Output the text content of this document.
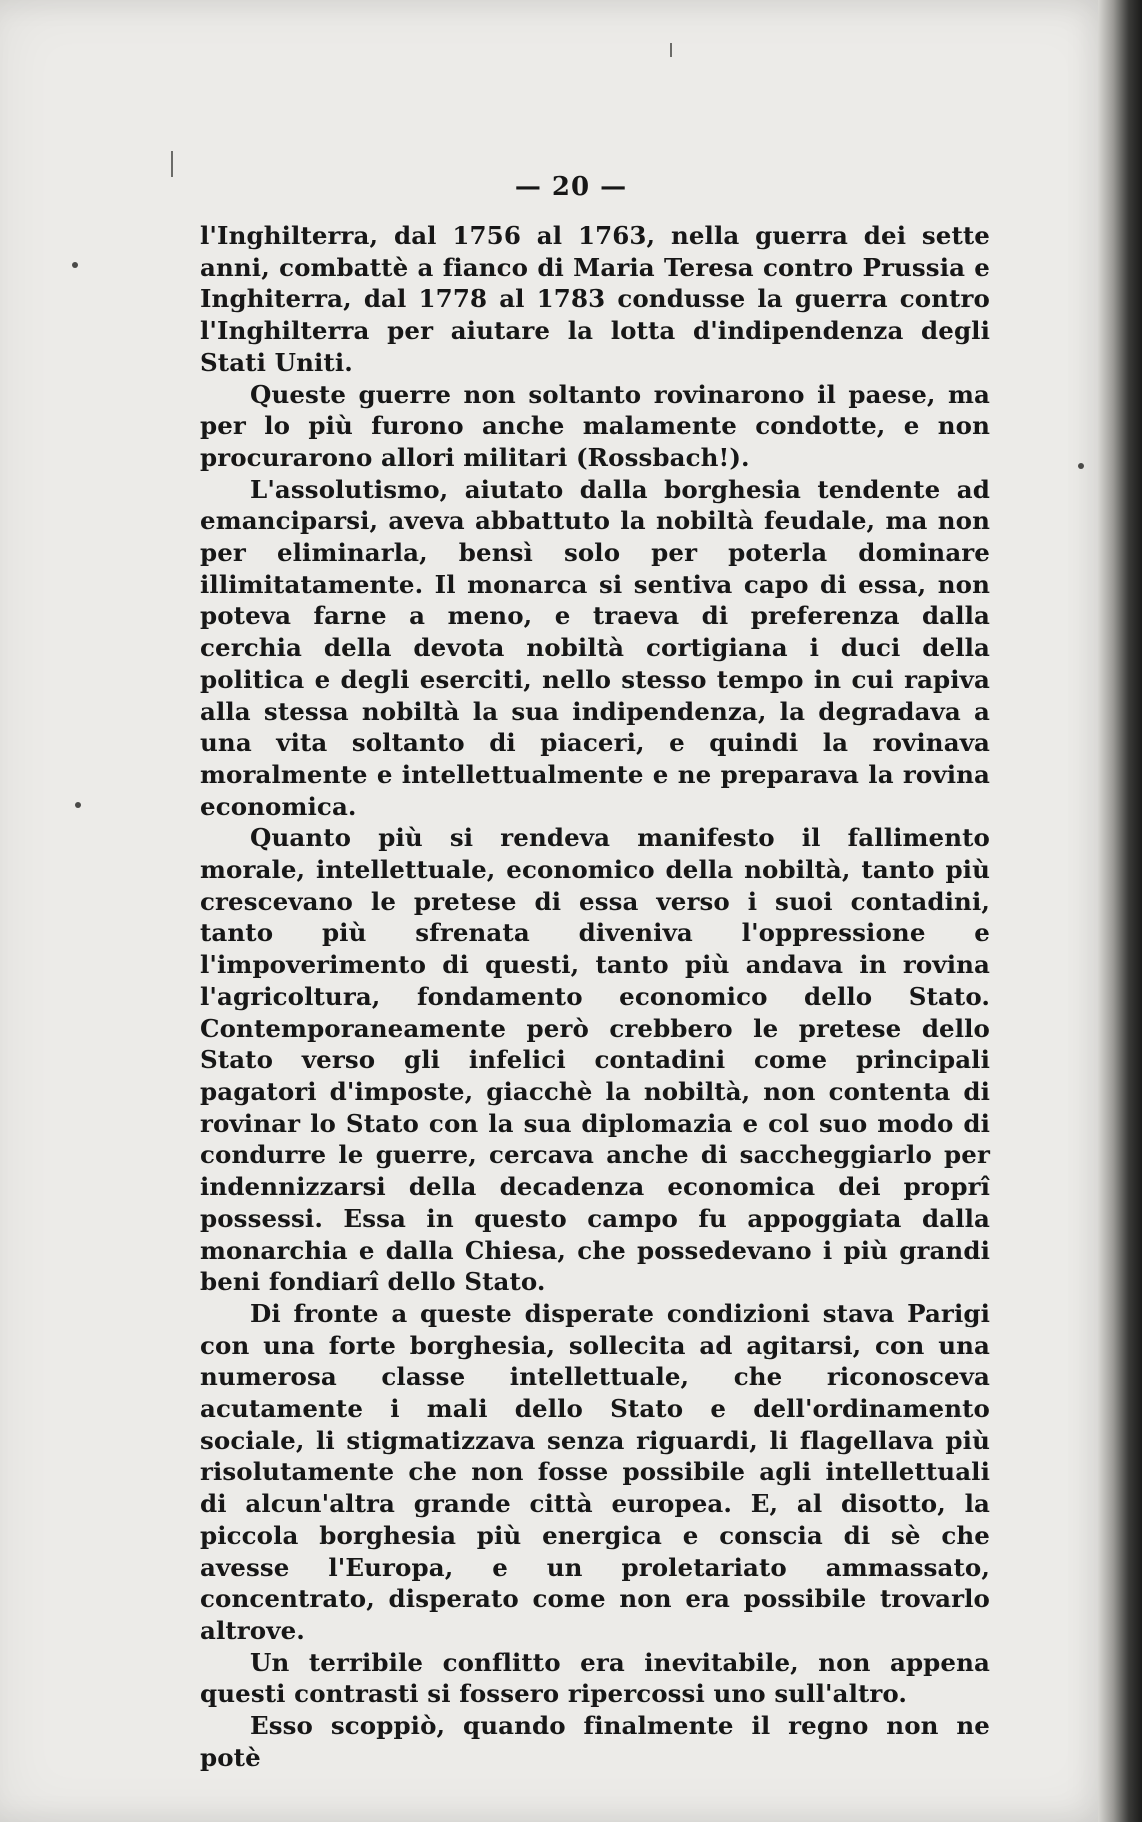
— 20 —

l'Inghilterra, dal 1756 al 1763, nella guerra dei sette anni, combattè a fianco di Maria Teresa contro Prussia e Inghiterra, dal 1778 al 1783 condusse la guerra contro l'Inghilterra per aiutare la lotta d'indipendenza degli Stati Uniti.

Queste guerre non soltanto rovinarono il paese, ma per lo più furono anche malamente condotte, e non procurarono allori militari (Rossbach!).

L'assolutismo, aiutato dalla borghesia tendente ad emanciparsi, aveva abbattuto la nobiltà feudale, ma non per eliminarla, bensì solo per poterla dominare illimitatamente. Il monarca si sentiva capo di essa, non poteva farne a meno, e traeva di preferenza dalla cerchia della devota nobiltà cortigiana i duci della politica e degli eserciti, nello stesso tempo in cui rapiva alla stessa nobiltà la sua indipendenza, la degradava a una vita soltanto di piaceri, e quindi la rovinava moralmente e intellettualmente e ne preparava la rovina economica.

Quanto più si rendeva manifesto il fallimento morale, intellettuale, economico della nobiltà, tanto più crescevano le pretese di essa verso i suoi contadini, tanto più sfrenata diveniva l'oppressione e l'impoverimento di questi, tanto più andava in rovina l'agricoltura, fondamento economico dello Stato. Contemporaneamente però crebbero le pretese dello Stato verso gli infelici contadini come principali pagatori d'imposte, giacchè la nobiltà, non contenta di rovinar lo Stato con la sua diplomazia e col suo modo di condurre le guerre, cercava anche di saccheggiarlo per indennizzarsi della decadenza economica dei proprî possessi. Essa in questo campo fu appoggiata dalla monarchia e dalla Chiesa, che possedevano i più grandi beni fondiarî dello Stato.

Di fronte a queste disperate condizioni stava Parigi con una forte borghesia, sollecita ad agitarsi, con una numerosa classe intellettuale, che riconosceva acutamente i mali dello Stato e dell'ordinamento sociale, li stigmatizzava senza riguardi, li flagellava più risolutamente che non fosse possibile agli intellettuali di alcun'altra grande città europea. E, al disotto, la piccola borghesia più energica e conscia di sè che avesse l'Europa, e un proletariato ammassato, concentrato, disperato come non era possibile trovarlo altrove.

Un terribile conflitto era inevitabile, non appena questi contrasti si fossero ripercossi uno sull'altro.

Esso scoppiò, quando finalmente il regno non ne potè
